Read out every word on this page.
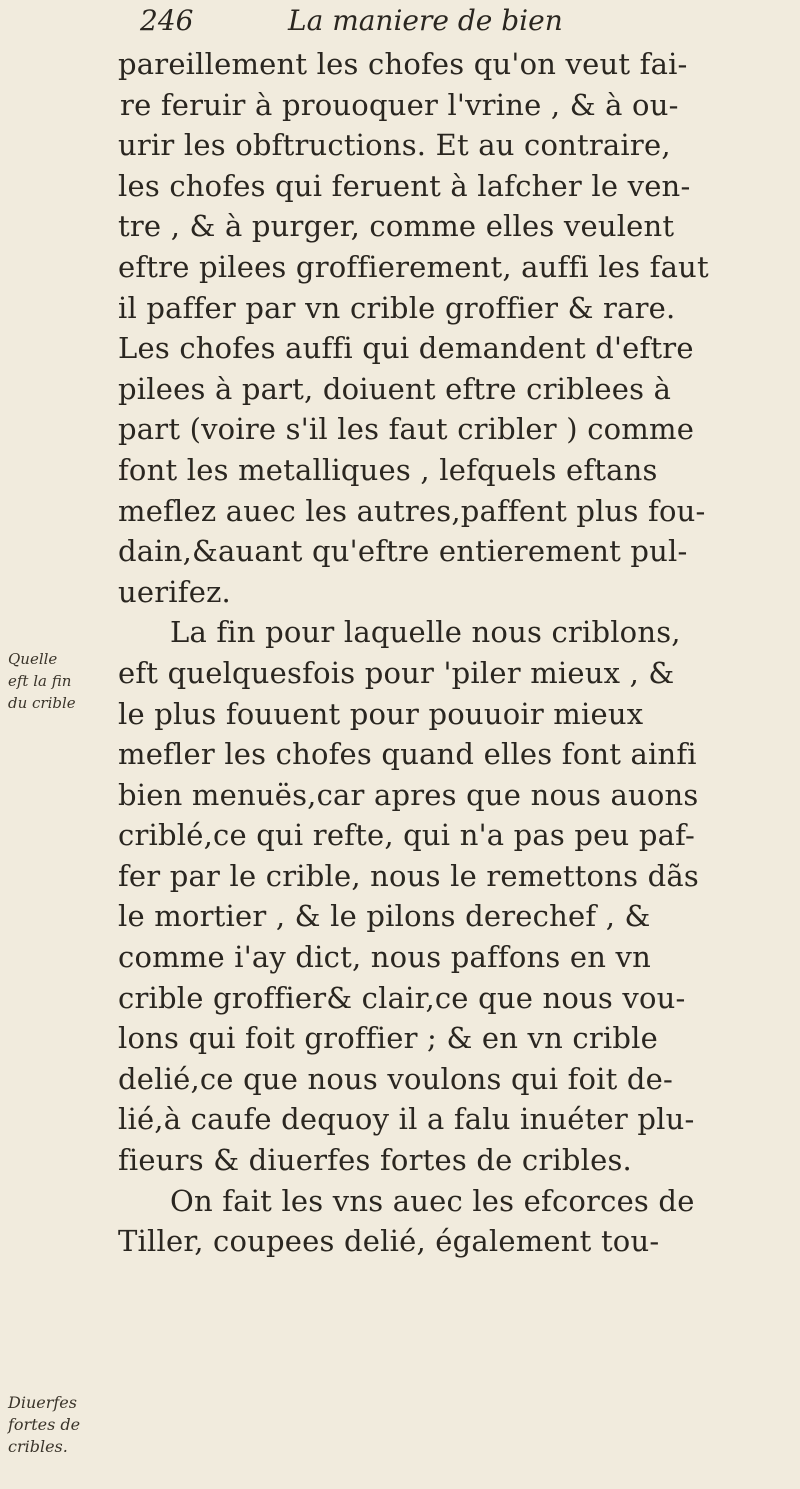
246	La maniere de bien
pareillement les chofes qu'on veut fai-
re feruir à prouoquer l'vrine , & à ou-
urir les obftructions. Et au contraire,
les chofes qui feruent à lafcher le ven-
tre , & à purger, comme elles veulent
eftre pilees groffierement, auffi les faut
il paffer par vn crible groffier & rare.
Les chofes auffi qui demandent d'eftre
pilees à part, doiuent eftre criblees à
part (voire s'il les faut cribler ) comme
font les metalliques , lefquels eftans
meflez auec les autres,paffent plus fou-
dain,&auant qu'eftre entierement pul-
uerifez.
La fin pour laquelle nous criblons,
eft quelquesfois pour 'piler mieux , &
le plus fouuent pour pouuoir mieux
mefler les chofes quand elles font ainfi
bien menuës,car apres que nous auons
criblé,ce qui refte, qui n'a pas peu paf-
fer par le crible, nous le remettons dãs
le mortier , & le pilons derechef , &
comme i'ay dict, nous paffons en vn
crible groffier& clair,ce que nous vou-
lons qui foit groffier ; & en vn crible
delié,ce que nous voulons qui foit de-
lié,à caufe dequoy il a falu inuéter plu-
fieurs & diuerfes fortes de cribles.
On fait les vns auec les efcorces de
Tiller, coupees delié, également tou-
Quelle
eft la fin
du crible
Diuerfes
fortes de
cribles.
